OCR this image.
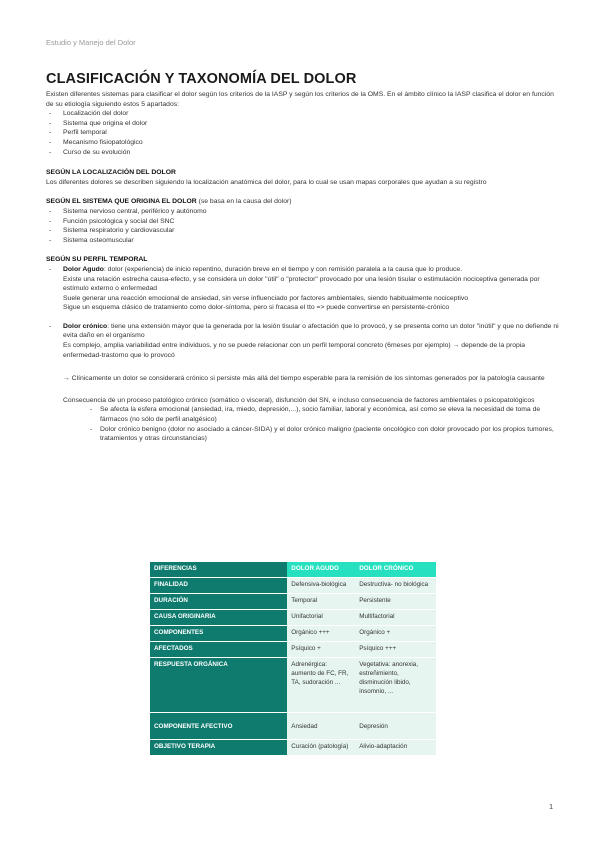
Estudio y Manejo del Dolor
CLASIFICACIÓN Y TAXONOMÍA DEL DOLOR

Existen diferentes sistemas para clasificar el dolor según los criterios de la IASP y según los criterios de la OMS. En el ámbito clínico la IASP clasifica el dolor en función de su etiología siguiendo estos 5 apartados:

- Localización del dolor
- Sistema que origina el dolor
- Perfil temporal
- Mecanismo fisiopatológico
- Curso de su evolución

SEGÚN LA LOCALIZACIÓN DEL DOLOR

Los diferentes dolores se describen siguiendo la localización anatómica del dolor, para lo cual se usan mapas corporales que ayudan a su registro

SEGÚN EL SISTEMA QUE ORIGINA EL DOLOR (se basa en la causa del dolor)

- Sistema nervioso central, periférico y autónomo
- Función psicológica y social del SNC
- Sistema respiratorio y cardiovascular
- Sistema osteomuscular

SEGÚN SU PERFIL TEMPORAL

- Dolor Agudo: dolor (experiencia) de inicio repentino, duración breve en el tiempo y con remisión paralela a la causa que lo produce.

Existe una relación estrecha causa-efecto, y se considera un dolor "útil" o "protector" provocado por una lesión tisular o estimulación nociceptiva generada por estímulo externo o enfermedad

Suele generar una reacción emocional de ansiedad, sin verse influenciado por factores ambientales, siendo habitualmente nociceptivo

Sigue un esquema clásico de tratamiento como dolor-síntoma, pero si fracasa el tto => puede convertirse en persistente-crónico

- Dolor crónico: tiene una extensión mayor que la generada por la lesión tisular o afectación que lo provocó, y se presenta como un dolor "inútil" y que no defiende ni evita daño en el organismo

Es complejo, amplia variabilidad entre individuos, y no se puede relacionar con un perfil temporal concreto (6meses por ejemplo) → depende de la propia enfermedad-trastorno que lo provocó

→ Clínicamente un dolor se considerará crónico si persiste más allá del tiempo esperable para la remisión de los síntomas generados por la patología causante

Consecuencia de un proceso patológico crónico (somático o visceral), disfunción del SN, e incluso consecuencia de factores ambientales o psicopatológicos

- Se afecta la esfera emocional (ansiedad, ira, miedo, depresión,...), socio familiar, laboral y económica, así como se eleva la necesidad de toma de fármacos (no sólo de perfil analgésico)
- Dolor crónico benigno (dolor no asociado a cáncer-SIDA) y el dolor crónico maligno (paciente oncológico con dolor provocado por los propios tumores, tratamientos y otras circunstancias)
DIFERENCIAS	DOLOR AGUDO	DOLOR CRÓNICO
FINALIDAD	Defensiva-biológica	Destructiva- no biológica
DURACIÓN	Temporal	Persistente
CAUSA ORIGINARIA	Unifactorial	Multifactorial
COMPONENTES	Orgánico +++	Orgánico +
AFECTADOS	Psíquico +	Psíquico +++
RESPUESTA ORGÁNICA	Adrenérgica: aumento de FC, FR, TA, sudoración ...	Vegetativa: anorexia, estreñimiento, disminución libido, insomnio, ...
COMPONENTE AFECTIVO	Ansiedad	Depresión
OBJETIVO TERAPIA	Curación (patología)	Alivio-adaptación
1
